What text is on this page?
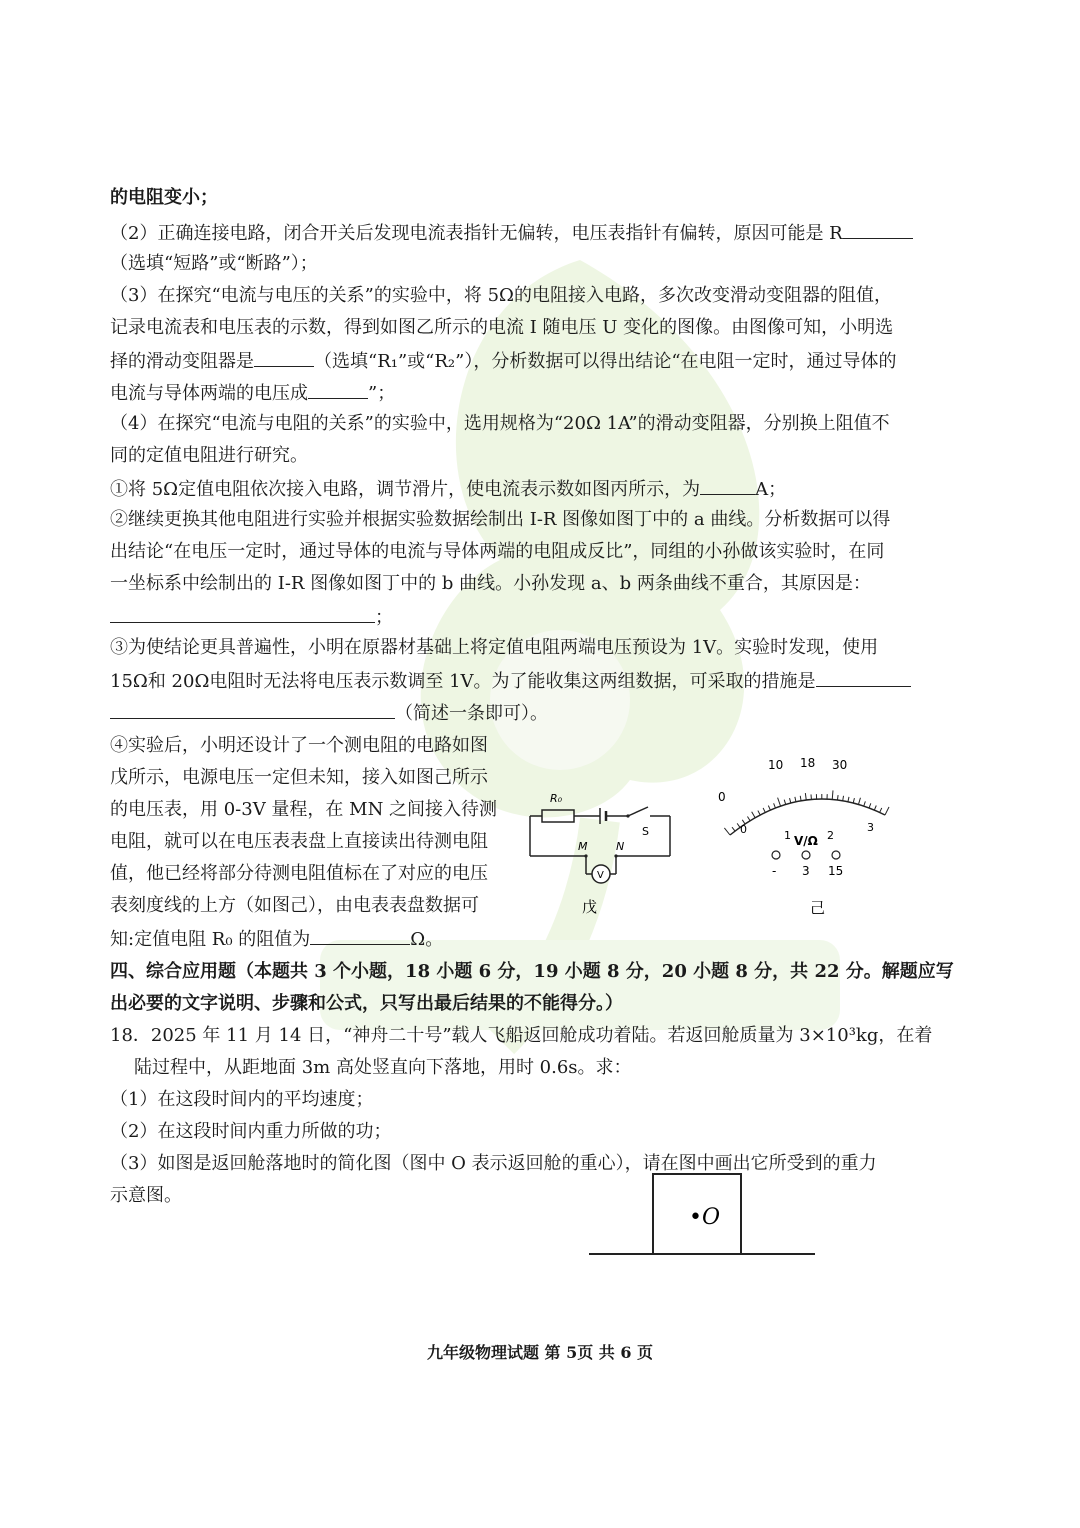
的电阻变小；
（2）正确连接电路，闭合开关后发现电流表指针无偏转，电压表指针有偏转，原因可能是 R
（选填“短路”或“断路”）；
（3）在探究“电流与电压的关系”的实验中，将 5Ω的电阻接入电路，多次改变滑动变阻器的阻值，
记录电流表和电压表的示数，得到如图乙所示的电流 I 随电压 U 变化的图像。由图像可知，小明选
择的滑动变阻器是	（选填“R₁”或“R₂”），分析数据可以得出结论“在电阻一定时，通过导体的
电流与导体两端的电压成	”；
（4）在探究“电流与电阻的关系”的实验中，选用规格为“20Ω 1A”的滑动变阻器，分别换上阻值不
同的定值电阻进行研究。
①将 5Ω定值电阻依次接入电路，调节滑片，使电流表示数如图丙所示，为	A；
②继续更换其他电阻进行实验并根据实验数据绘制出 I-R 图像如图丁中的 a 曲线。分析数据可以得
出结论“在电压一定时，通过导体的电流与导体两端的电阻成反比”，同组的小孙做该实验时，在同
一坐标系中绘制出的 I-R 图像如图丁中的 b 曲线。小孙发现 a、b 两条曲线不重合，其原因是：
；
③为使结论更具普遍性，小明在原器材基础上将定值电阻两端电压预设为 1V。实验时发现，使用
15Ω和 20Ω电阻时无法将电压表示数调至 1V。为了能收集这两组数据，可采取的措施是
（简述一条即可）。
④实验后，小明还设计了一个测电阻的电路如图
戊所示，电源电压一定但未知，接入如图己所示
的电压表，用 0-3V 量程，在 MN 之间接入待测
电阻，就可以在电压表表盘上直接读出待测电阻
值，他已经将部分待测电阻值标在了对应的电压
表刻度线的上方（如图己），由电表表盘数据可
知:定值电阻 R₀ 的阻值为	Ω。
R₀
S
M	N
V
戊
10 18 30
0
0	1	2
3
V/Ω
- 3 15
己
四、综合应用题（本题共 3 个小题，18 小题 6 分，19 小题 8 分，20 小题 8 分，共 22 分。解题应写
出必要的文字说明、步骤和公式，只写出最后结果的不能得分。）
18．2025 年 11 月 14 日，“神舟二十号”载人飞船返回舱成功着陆。若返回舱质量为 3×10³kg，在着
陆过程中，从距地面 3m 高处竖直向下落地，用时 0.6s。求：
（1）在这段时间内的平均速度；
（2）在这段时间内重力所做的功；
（3）如图是返回舱落地时的简化图（图中 O 表示返回舱的重心），请在图中画出它所受到的重力
示意图。
•O
九年级物理试题 第 5页 共 6 页
